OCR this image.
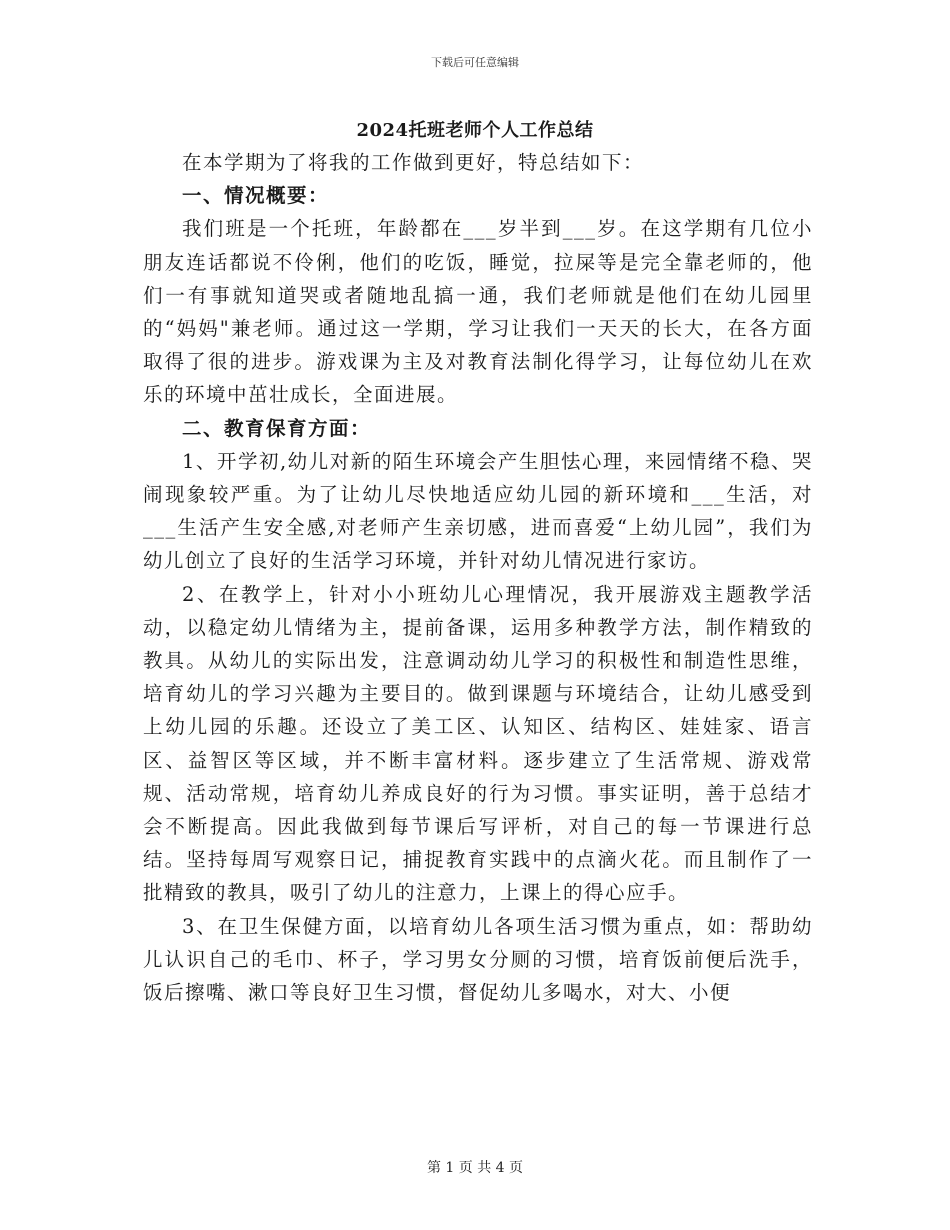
下载后可任意编辑
2024托班老师个人工作总结

在本学期为了将我的工作做到更好，特总结如下：

一、情况概要：

我们班是一个托班，年龄都在___岁半到___岁。在这学期有几位小朋友连话都说不伶俐，他们的吃饭，睡觉，拉屎等是完全靠老师的，他们一有事就知道哭或者随地乱搞一通，我们老师就是他们在幼儿园里的“妈妈"兼老师。通过这一学期，学习让我们一天天的长大，在各方面取得了很的进步。游戏课为主及对教育法制化得学习，让每位幼儿在欢乐的环境中茁壮成长，全面进展。

二、教育保育方面：

1、开学初,幼儿对新的陌生环境会产生胆怯心理，来园情绪不稳、哭闹现象较严重。为了让幼儿尽快地适应幼儿园的新环境和___生活，对___生活产生安全感,对老师产生亲切感，进而喜爱“上幼儿园”，我们为幼儿创立了良好的生活学习环境，并针对幼儿情况进行家访。

2、在教学上，针对小小班幼儿心理情况，我开展游戏主题教学活动，以稳定幼儿情绪为主，提前备课，运用多种教学方法，制作精致的教具。从幼儿的实际出发，注意调动幼儿学习的积极性和制造性思维，培育幼儿的学习兴趣为主要目的。做到课题与环境结合，让幼儿感受到上幼儿园的乐趣。还设立了美工区、认知区、结构区、娃娃家、语言区、益智区等区域，并不断丰富材料。逐步建立了生活常规、游戏常规、活动常规，培育幼儿养成良好的行为习惯。事实证明，善于总结才会不断提高。因此我做到每节课后写评析，对自己的每一节课进行总结。坚持每周写观察日记，捕捉教育实践中的点滴火花。而且制作了一批精致的教具，吸引了幼儿的注意力，上课上的得心应手。

3、在卫生保健方面，以培育幼儿各项生活习惯为重点，如：帮助幼儿认识自己的毛巾、杯子，学习男女分厕的习惯，培育饭前便后洗手，饭后擦嘴、漱口等良好卫生习惯，督促幼儿多喝水，对大、小便

第 1 页 共 4 页
